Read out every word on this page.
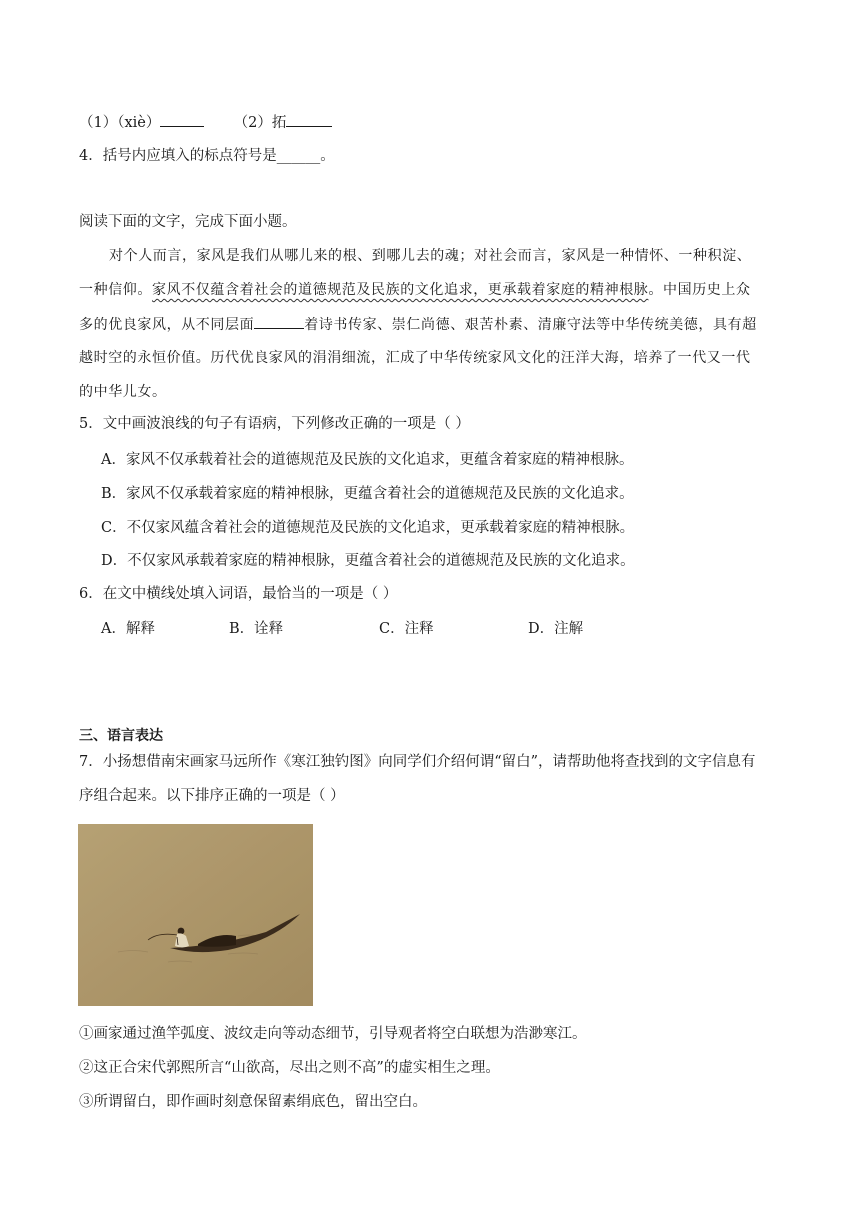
（1）（xiè）	（2）拓
4．括号内应填入的标点符号是______。
阅读下面的文字，完成下面小题。
对个人而言，家风是我们从哪儿来的根、到哪儿去的魂；对社会而言，家风是一种情怀、一种积淀、
一种信仰。家风不仅蕴含着社会的道德规范及民族的文化追求，更承载着家庭的精神根脉。中国历史上众
多的优良家风，从不同层面	着诗书传家、崇仁尚德、艰苦朴素、清廉守法等中华传统美德，具有超
越时空的永恒价值。历代优良家风的涓涓细流，汇成了中华传统家风文化的汪洋大海，培养了一代又一代
的中华儿女。
5．文中画波浪线的句子有语病，下列修改正确的一项是（ ）
A．家风不仅承载着社会的道德规范及民族的文化追求，更蕴含着家庭的精神根脉。
B．家风不仅承载着家庭的精神根脉，更蕴含着社会的道德规范及民族的文化追求。
C．不仅家风蕴含着社会的道德规范及民族的文化追求，更承载着家庭的精神根脉。
D．不仅家风承载着家庭的精神根脉，更蕴含着社会的道德规范及民族的文化追求。
6．在文中横线处填入词语，最恰当的一项是（ ）
A．解释	B．诠释	C．注释	D．注解
三、语言表达
7．小扬想借南宋画家马远所作《寒江独钓图》向同学们介绍何谓“留白”，请帮助他将查找到的文字信息有
序组合起来。以下排序正确的一项是（ ）
①画家通过渔竿弧度、波纹走向等动态细节，引导观者将空白联想为浩渺寒江。
②这正合宋代郭熙所言“山欲高，尽出之则不高”的虚实相生之理。
③所谓留白，即作画时刻意保留素绢底色，留出空白。
